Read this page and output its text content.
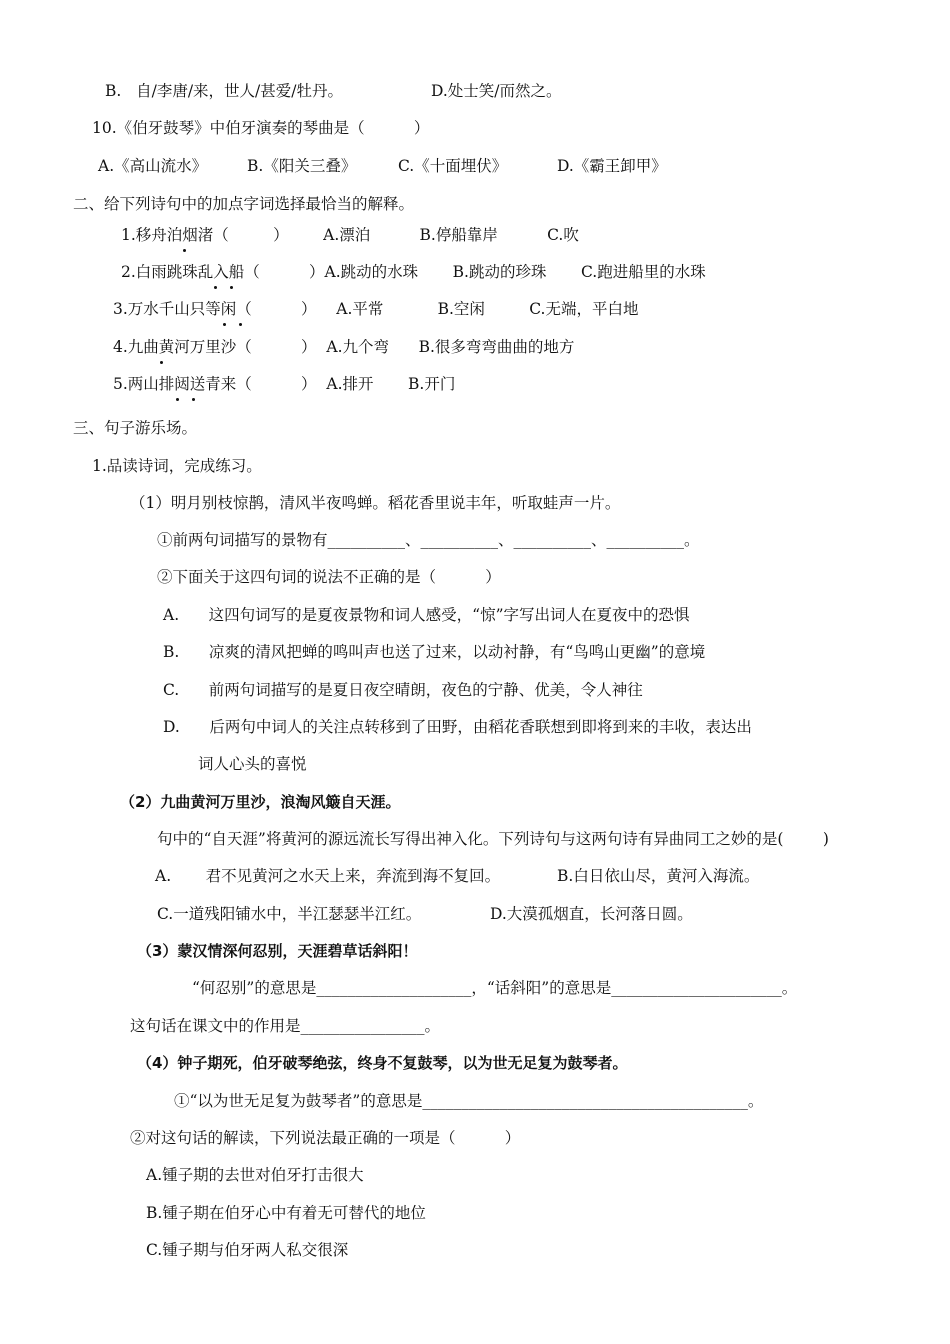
B.   自/李唐/来，世人/甚爱/牡丹。	D.处士笑/而然之。
10.《伯牙鼓琴》中伯牙演奏的琴曲是（          ）
A.《高山流水》	B.《阳关三叠》	C.《十面埋伏》	D.《霸王卸甲》
二、给下列诗句中的加点字词选择最恰当的解释。
1.移舟泊烟渚（         ）       A.漂泊          B.停船靠岸          C.吹
2.白雨跳珠乱入船（          ）A.跳动的水珠       B.跳动的珍珠       C.跑进船里的水珠
3.万水千山只等闲（          ）    A.平常           B.空闲         C.无端，平白地
4.九曲黄河万里沙（          ）  A.九个弯      B.很多弯弯曲曲的地方
5.两山排闼送青来（          ）  A.排开       B.开门
三、句子游乐场。
1.品读诗词，完成练习。
（1）明月别枝惊鹊，清风半夜鸣蝉。稻花香里说丰年，听取蛙声一片。
①前两句词描写的景物有__________、__________、__________、__________。
②下面关于这四句词的说法不正确的是（          ）
A.      这四句词写的是夏夜景物和词人感受，“惊”字写出词人在夏夜中的恐惧
B.      凉爽的清风把蝉的鸣叫声也送了过来，以动衬静，有“鸟鸣山更幽”的意境
C.      前两句词描写的是夏日夜空晴朗，夜色的宁静、优美，令人神往
D.      后两句中词人的关注点转移到了田野，由稻花香联想到即将到来的丰收，表达出
词人心头的喜悦
（2）九曲黄河万里沙，浪淘风簸自天涯。
句中的“自天涯”将黄河的源远流长写得出神入化。下列诗句与这两句诗有异曲同工之妙的是(        )
A.       君不见黄河之水天上来，奔流到海不复回。	B.白日依山尽，黄河入海流。
C.一道残阳铺水中，半江瑟瑟半江红。	D.大漠孤烟直，长河落日圆。
（3）蒙汉情深何忍别，天涯碧草话斜阳！
“何忍别”的意思是____________________，“话斜阳”的意思是______________________。
这句话在课文中的作用是________________。
（4）钟子期死，伯牙破琴绝弦，终身不复鼓琴，以为世无足复为鼓琴者。
①“以为世无足复为鼓琴者”的意思是__________________________________________。
②对这句话的解读，下列说法最正确的一项是（          ）
A.锺子期的去世对伯牙打击很大
B.锺子期在伯牙心中有着无可替代的地位
C.锺子期与伯牙两人私交很深
